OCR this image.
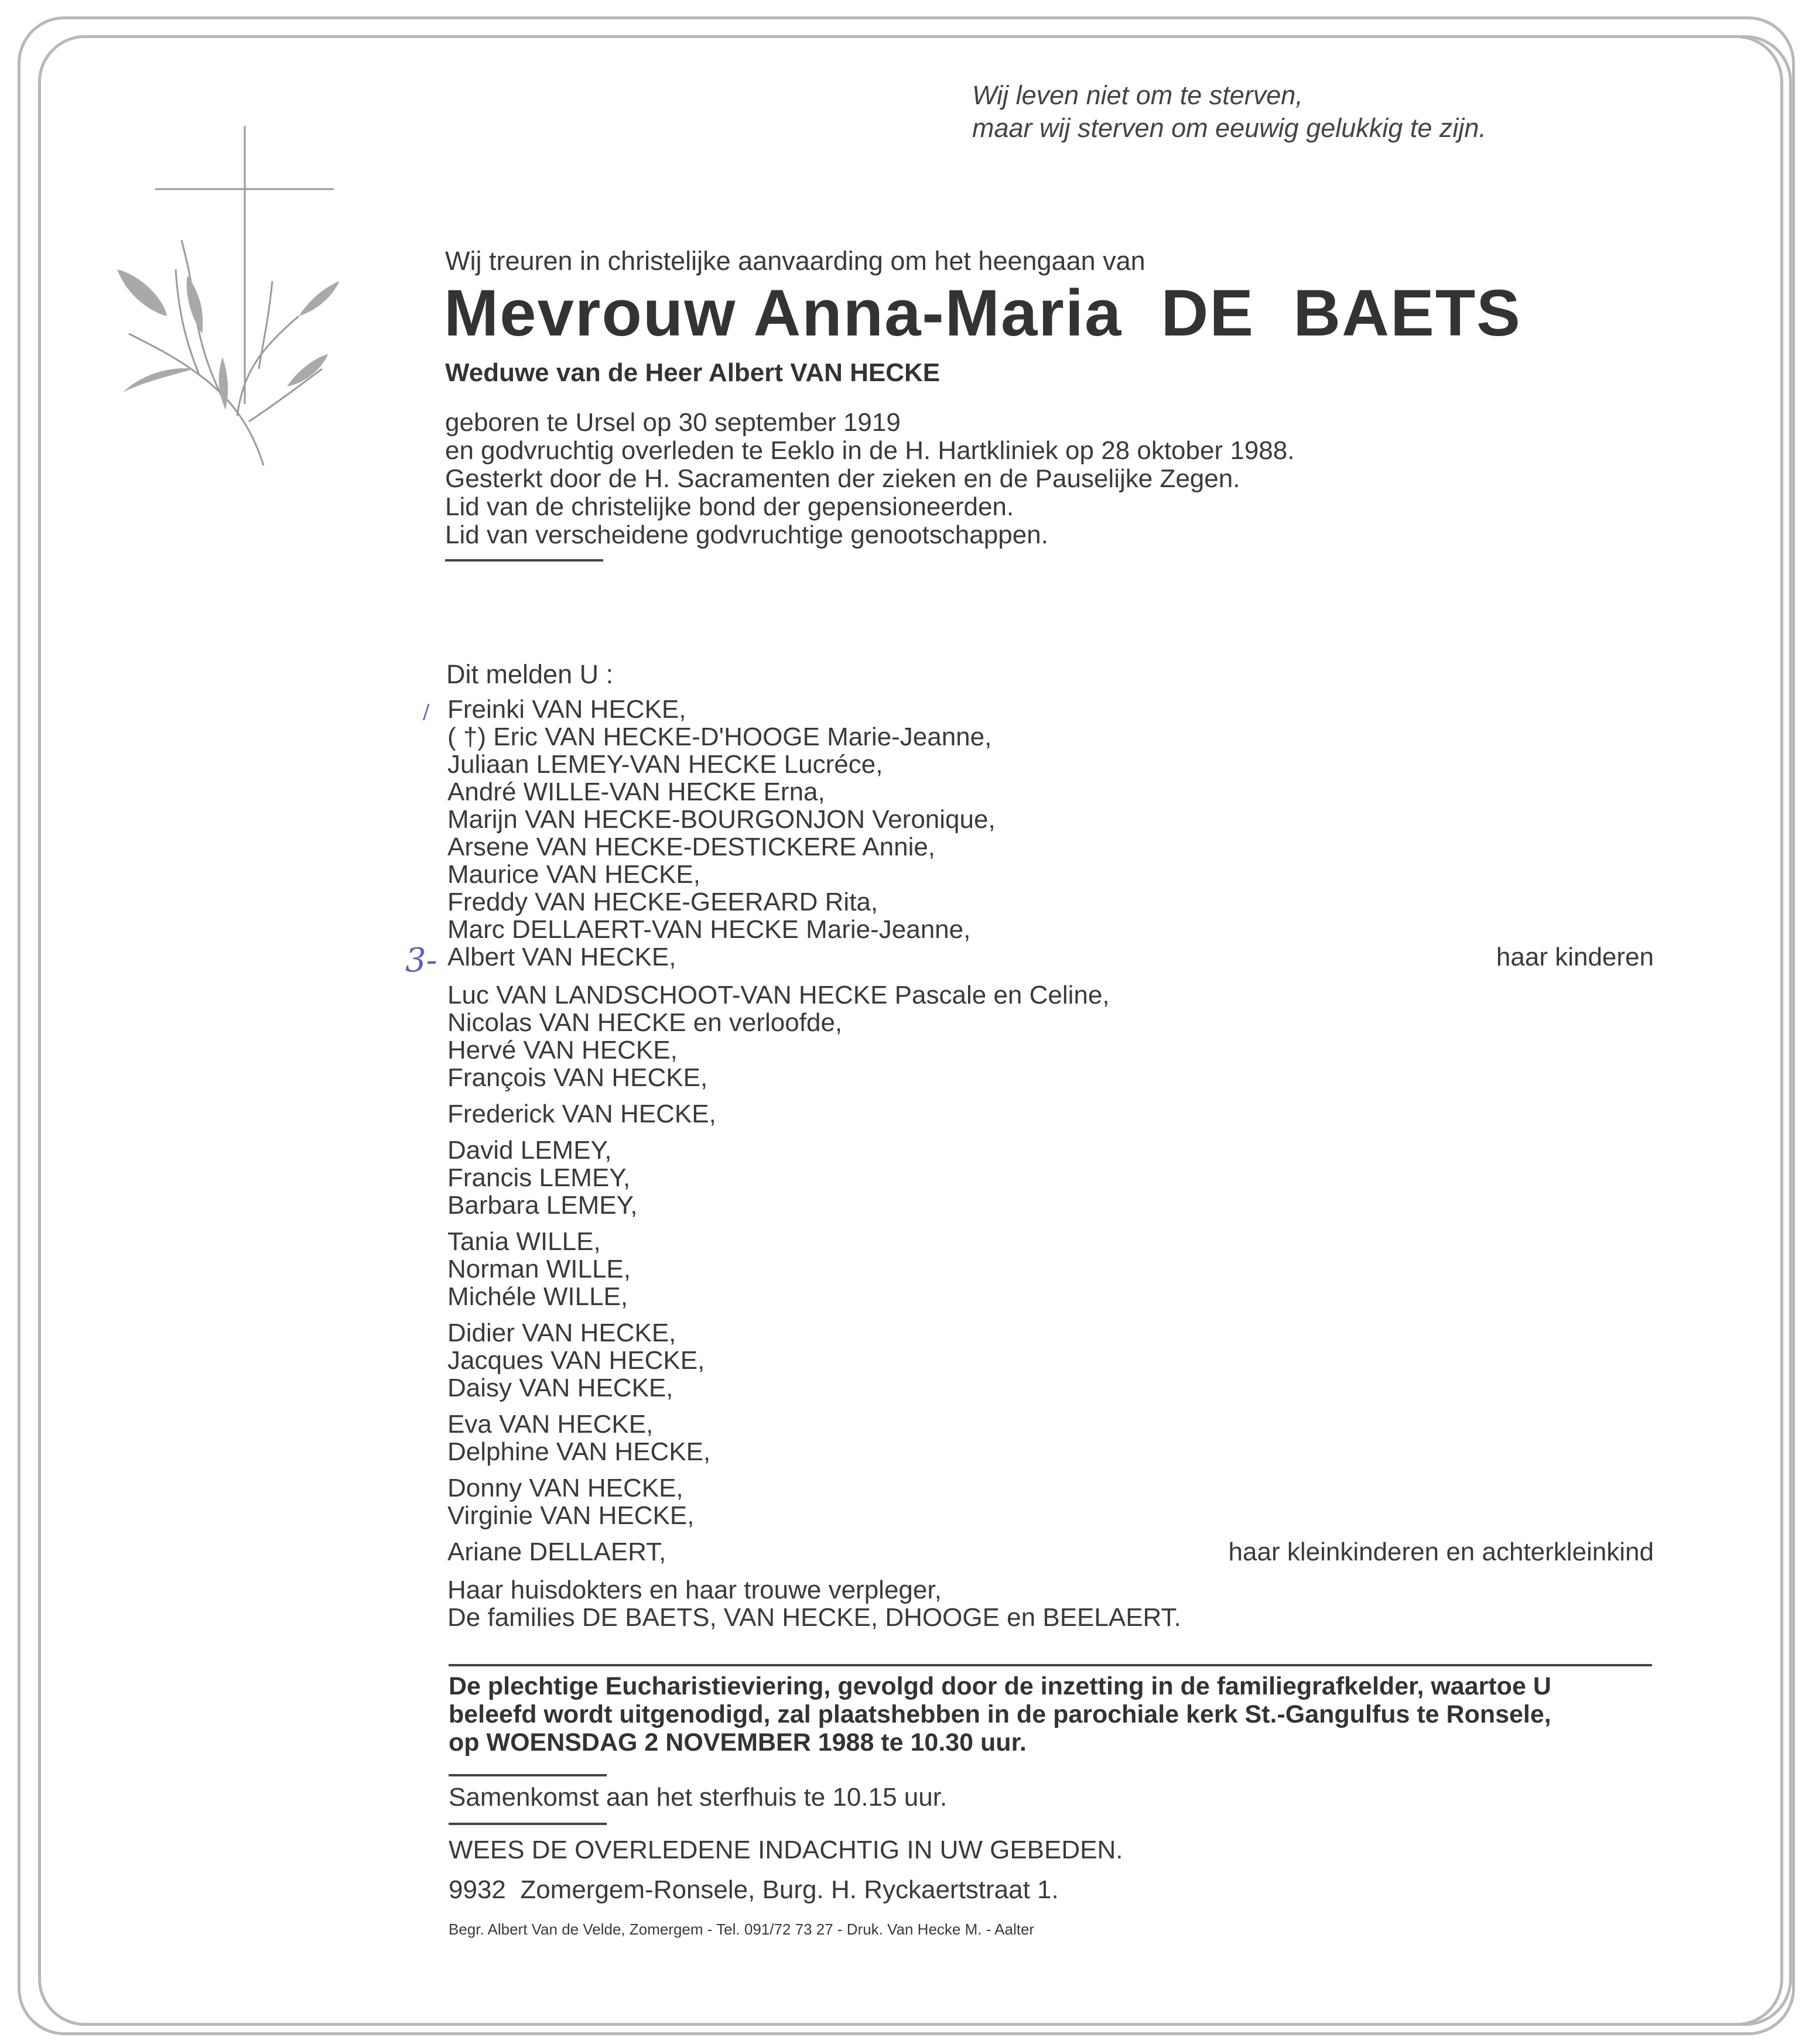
Wij leven niet om te sterven,
maar wij sterven om eeuwig gelukkig te zijn.
Wij treuren in christelijke aanvaarding om het heengaan van
Mevrouw Anna-Maria  DE  BAETS
Weduwe van de Heer Albert VAN HECKE
geboren te Ursel op 30 september 1919
en godvruchtig overleden te Eeklo in de H. Hartkliniek op 28 oktober 1988.
Gesterkt door de H. Sacramenten der zieken en de Pauselijke Zegen.
Lid van de christelijke bond der gepensioneerden.
Lid van verscheidene godvruchtige genootschappen.
Dit melden U :
/
3-
Freinki VAN HECKE,
( †) Eric VAN HECKE-D'HOOGE Marie-Jeanne,
Juliaan LEMEY-VAN HECKE Lucréce,
André WILLE-VAN HECKE Erna,
Marijn VAN HECKE-BOURGONJON Veronique,
Arsene VAN HECKE-DESTICKERE Annie,
Maurice VAN HECKE,
Freddy VAN HECKE-GEERARD Rita,
Marc DELLAERT-VAN HECKE Marie-Jeanne,
Albert VAN HECKE,	haar kinderen
Luc VAN LANDSCHOOT-VAN HECKE Pascale en Celine,
Nicolas VAN HECKE en verloofde,
Hervé VAN HECKE,
François VAN HECKE,
Frederick VAN HECKE,
David LEMEY,
Francis LEMEY,
Barbara LEMEY,
Tania WILLE,
Norman WILLE,
Michéle WILLE,
Didier VAN HECKE,
Jacques VAN HECKE,
Daisy VAN HECKE,
Eva VAN HECKE,
Delphine VAN HECKE,
Donny VAN HECKE,
Virginie VAN HECKE,
Ariane DELLAERT,	haar kleinkinderen en achterkleinkind
Haar huisdokters en haar trouwe verpleger,
De families DE BAETS, VAN HECKE, DHOOGE en BEELAERT.
De plechtige Eucharistieviering, gevolgd door de inzetting in de familiegrafkelder, waartoe U
beleefd wordt uitgenodigd, zal plaatshebben in de parochiale kerk St.-Gangulfus te Ronsele,
op WOENSDAG 2 NOVEMBER 1988 te 10.30 uur.
Samenkomst aan het sterfhuis te 10.15 uur.
WEES DE OVERLEDENE INDACHTIG IN UW GEBEDEN.
9932  Zomergem-Ronsele, Burg. H. Ryckaertstraat 1.
Begr. Albert Van de Velde, Zomergem - Tel. 091/72 73 27 - Druk. Van Hecke M. - Aalter
